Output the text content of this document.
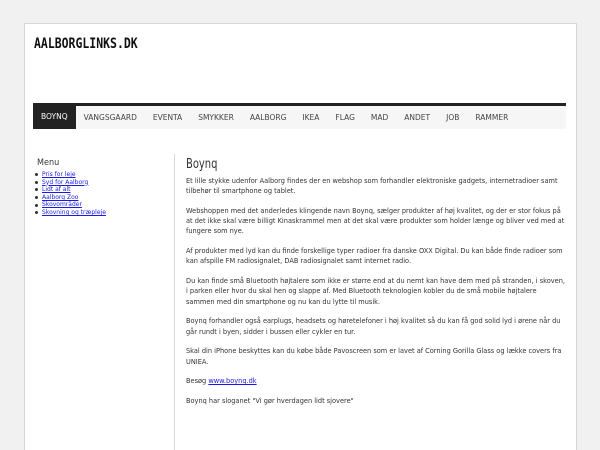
AALBORGLINKS.DK
BOYNQ	VANGSGAARD	EVENTA	SMYKKER	AALBORG	IKEA	FLAG	MAD	ANDET	JOB	RAMMER
Menu
Pris for leje
Syd for Aalborg
Lidt af alt
Aalborg Zoo
Skovområder
Skovning og træpleje
Boynq

Et lille stykke udenfor Aalborg findes der en webshop som forhandler elektroniske gadgets, internetradioer samt tilbehør til smartphone og tablet.

Webshoppen med det anderledes klingende navn Boynq, sælger produkter af høj kvalitet, og der er stor fokus på at det ikke skal være billigt Kinaskrammel men at det skal være produkter som holder længe og bliver ved med at fungere som nye.

Af produkter med lyd kan du finde forskellige typer radioer fra danske OXX Digital. Du kan både finde radioer som kan afspille FM radiosignalet, DAB radiosignalet samt internet radio.

Du kan finde små Bluetooth højtalere som ikke er større end at du nemt kan have dem med på stranden, i skoven, i parken eller hvor du skal hen og slappe af. Med Bluetooth teknologien kobler du de små mobile højtalere sammen med din smartphone og nu kan du lytte til musik.

Boynq forhandler også earplugs, headsets og høretelefoner i høj kvalitet så du kan få god solid lyd i ørene når du går rundt i byen, sidder i bussen eller cykler en tur.

Skal din iPhone beskyttes kan du købe både Pavoscreen som er lavet af Corning Gorilla Glass og lække covers fra UNIEA.

Besøg www.boynq.dk

Boynq har sloganet "Vi gør hverdagen lidt sjovere"
